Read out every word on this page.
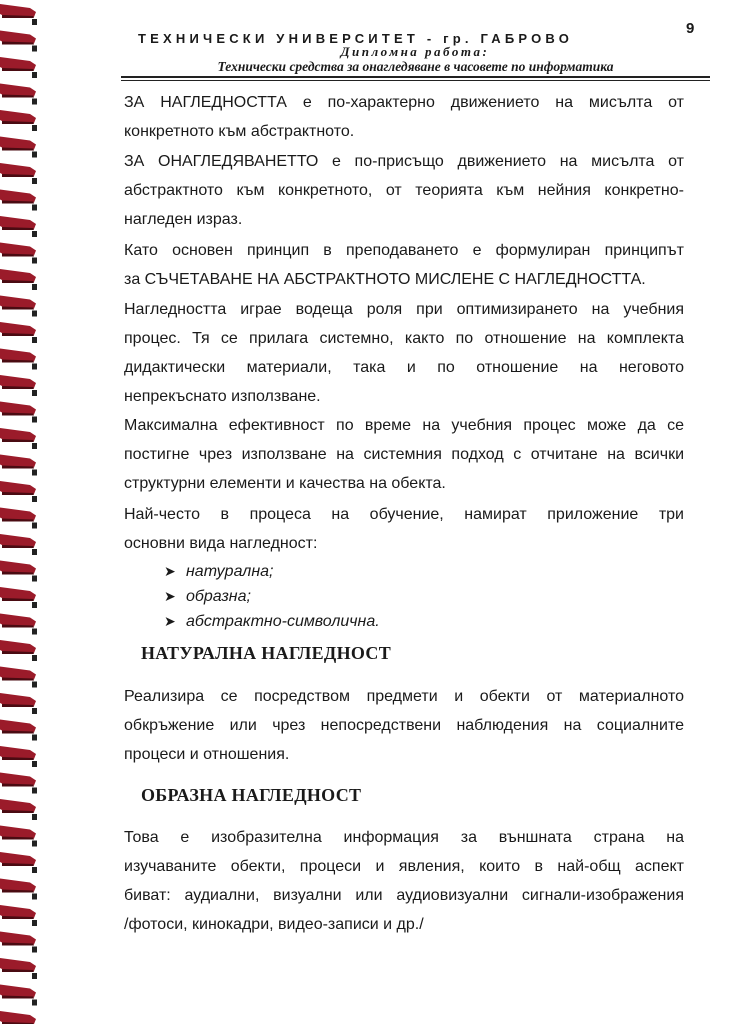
9
ТЕХНИЧЕСКИ УНИВЕРСИТЕТ - гр. ГАБРОВО
Дипломна работа:
Технически средства за онагледяване в часовете по информатика
ЗА НАГЛЕДНОСТТА е по-характерно движението на мисълта от
конкретното към абстрактното.
ЗА ОНАГЛЕДЯВАНЕТТО е по-присъщо движението на мисълта от
абстрактното към конкретното, от теорията към нейния конкретно-
нагледен израз.
Като основен принцип в преподаването е формулиран принципът
за СЪЧЕТАВАНЕ НА АБСТРАКТНОТО МИСЛЕНЕ С НАГЛЕДНОСТТА.
Нагледността играе водеща роля при оптимизирането на учебния
процес. Тя се прилага системно, както по отношение на комплекта
дидактически материали, така и по отношение на неговото
непрекъснато използване.
Максимална ефективност по време на учебния процес може да се
постигне чрез използване на системния подход с отчитане на всички
структурни елементи и качества на обекта.
Най-често в процеса на обучение, намират приложение три
основни вида нагледност:
➤ натурална;
➤ образна;
➤ абстрактно-символична.
НАТУРАЛНА НАГЛЕДНОСТ
Реализира се посредством предмети и обекти от материалното
обкръжение или чрез непосредствени наблюдения на социалните
процеси и отношения.
ОБРАЗНА НАГЛЕДНОСТ
Това е изобразителна информация за външната страна на
изучаваните обекти, процеси и явления, които в най-общ аспект
биват: аудиални, визуални или аудиовизуални сигнали-изображения
/фотоси, кинокадри, видео-записи и др./
